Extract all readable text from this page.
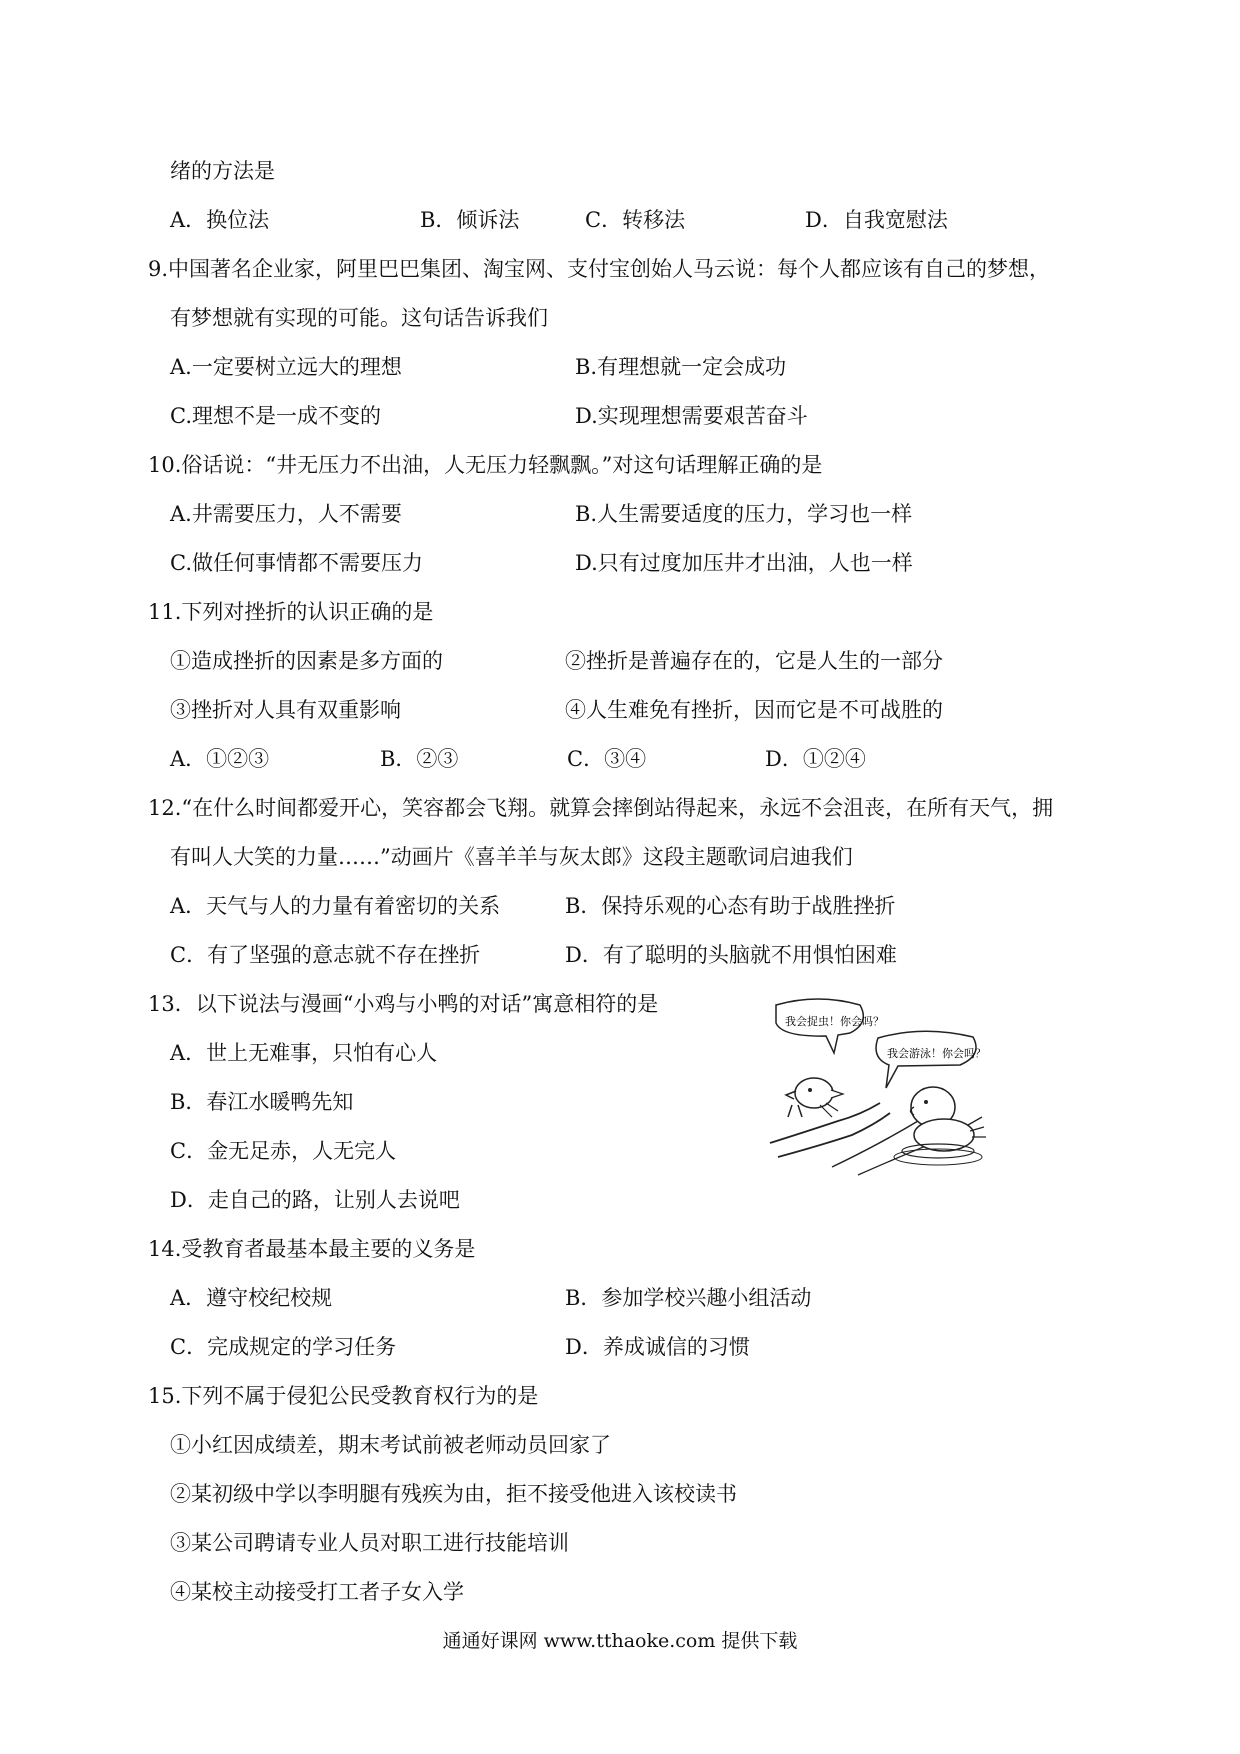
绪的方法是
A．换位法	B．倾诉法	C．转移法	D．自我宽慰法
9.中国著名企业家，阿里巴巴集团、淘宝网、支付宝创始人马云说：每个人都应该有自己的梦想，
有梦想就有实现的可能。这句话告诉我们
A.一定要树立远大的理想	B.有理想就一定会成功
C.理想不是一成不变的	D.实现理想需要艰苦奋斗
10.俗话说：“井无压力不出油，人无压力轻飘飘。”对这句话理解正确的是
A.井需要压力，人不需要	B.人生需要适度的压力，学习也一样
C.做任何事情都不需要压力	D.只有过度加压井才出油，人也一样
11.下列对挫折的认识正确的是
①造成挫折的因素是多方面的	②挫折是普遍存在的，它是人生的一部分
③挫折对人具有双重影响	④人生难免有挫折，因而它是不可战胜的
A．①②③	B．②③	C．③④	D．①②④
12.“在什么时间都爱开心，笑容都会飞翔。就算会摔倒站得起来，永远不会沮丧，在所有天气，拥
有叫人大笑的力量……”动画片《喜羊羊与灰太郎》这段主题歌词启迪我们
A．天气与人的力量有着密切的关系	B．保持乐观的心态有助于战胜挫折
C．有了坚强的意志就不存在挫折	D．有了聪明的头脑就不用惧怕困难
13．以下说法与漫画“小鸡与小鸭的对话”寓意相符的是
A．世上无难事，只怕有心人
B．春江水暖鸭先知
C．金无足赤，人无完人
D．走自己的路，让别人去说吧
我会捉虫！你会吗？
我会游泳！你会吗？
14.受教育者最基本最主要的义务是
A．遵守校纪校规	B．参加学校兴趣小组活动
C．完成规定的学习任务	D．养成诚信的习惯
15.下列不属于侵犯公民受教育权行为的是
①小红因成绩差，期末考试前被老师动员回家了
②某初级中学以李明腿有残疾为由，拒不接受他进入该校读书
③某公司聘请专业人员对职工进行技能培训
④某校主动接受打工者子女入学
通通好课网 www.tthaoke.com 提供下载
